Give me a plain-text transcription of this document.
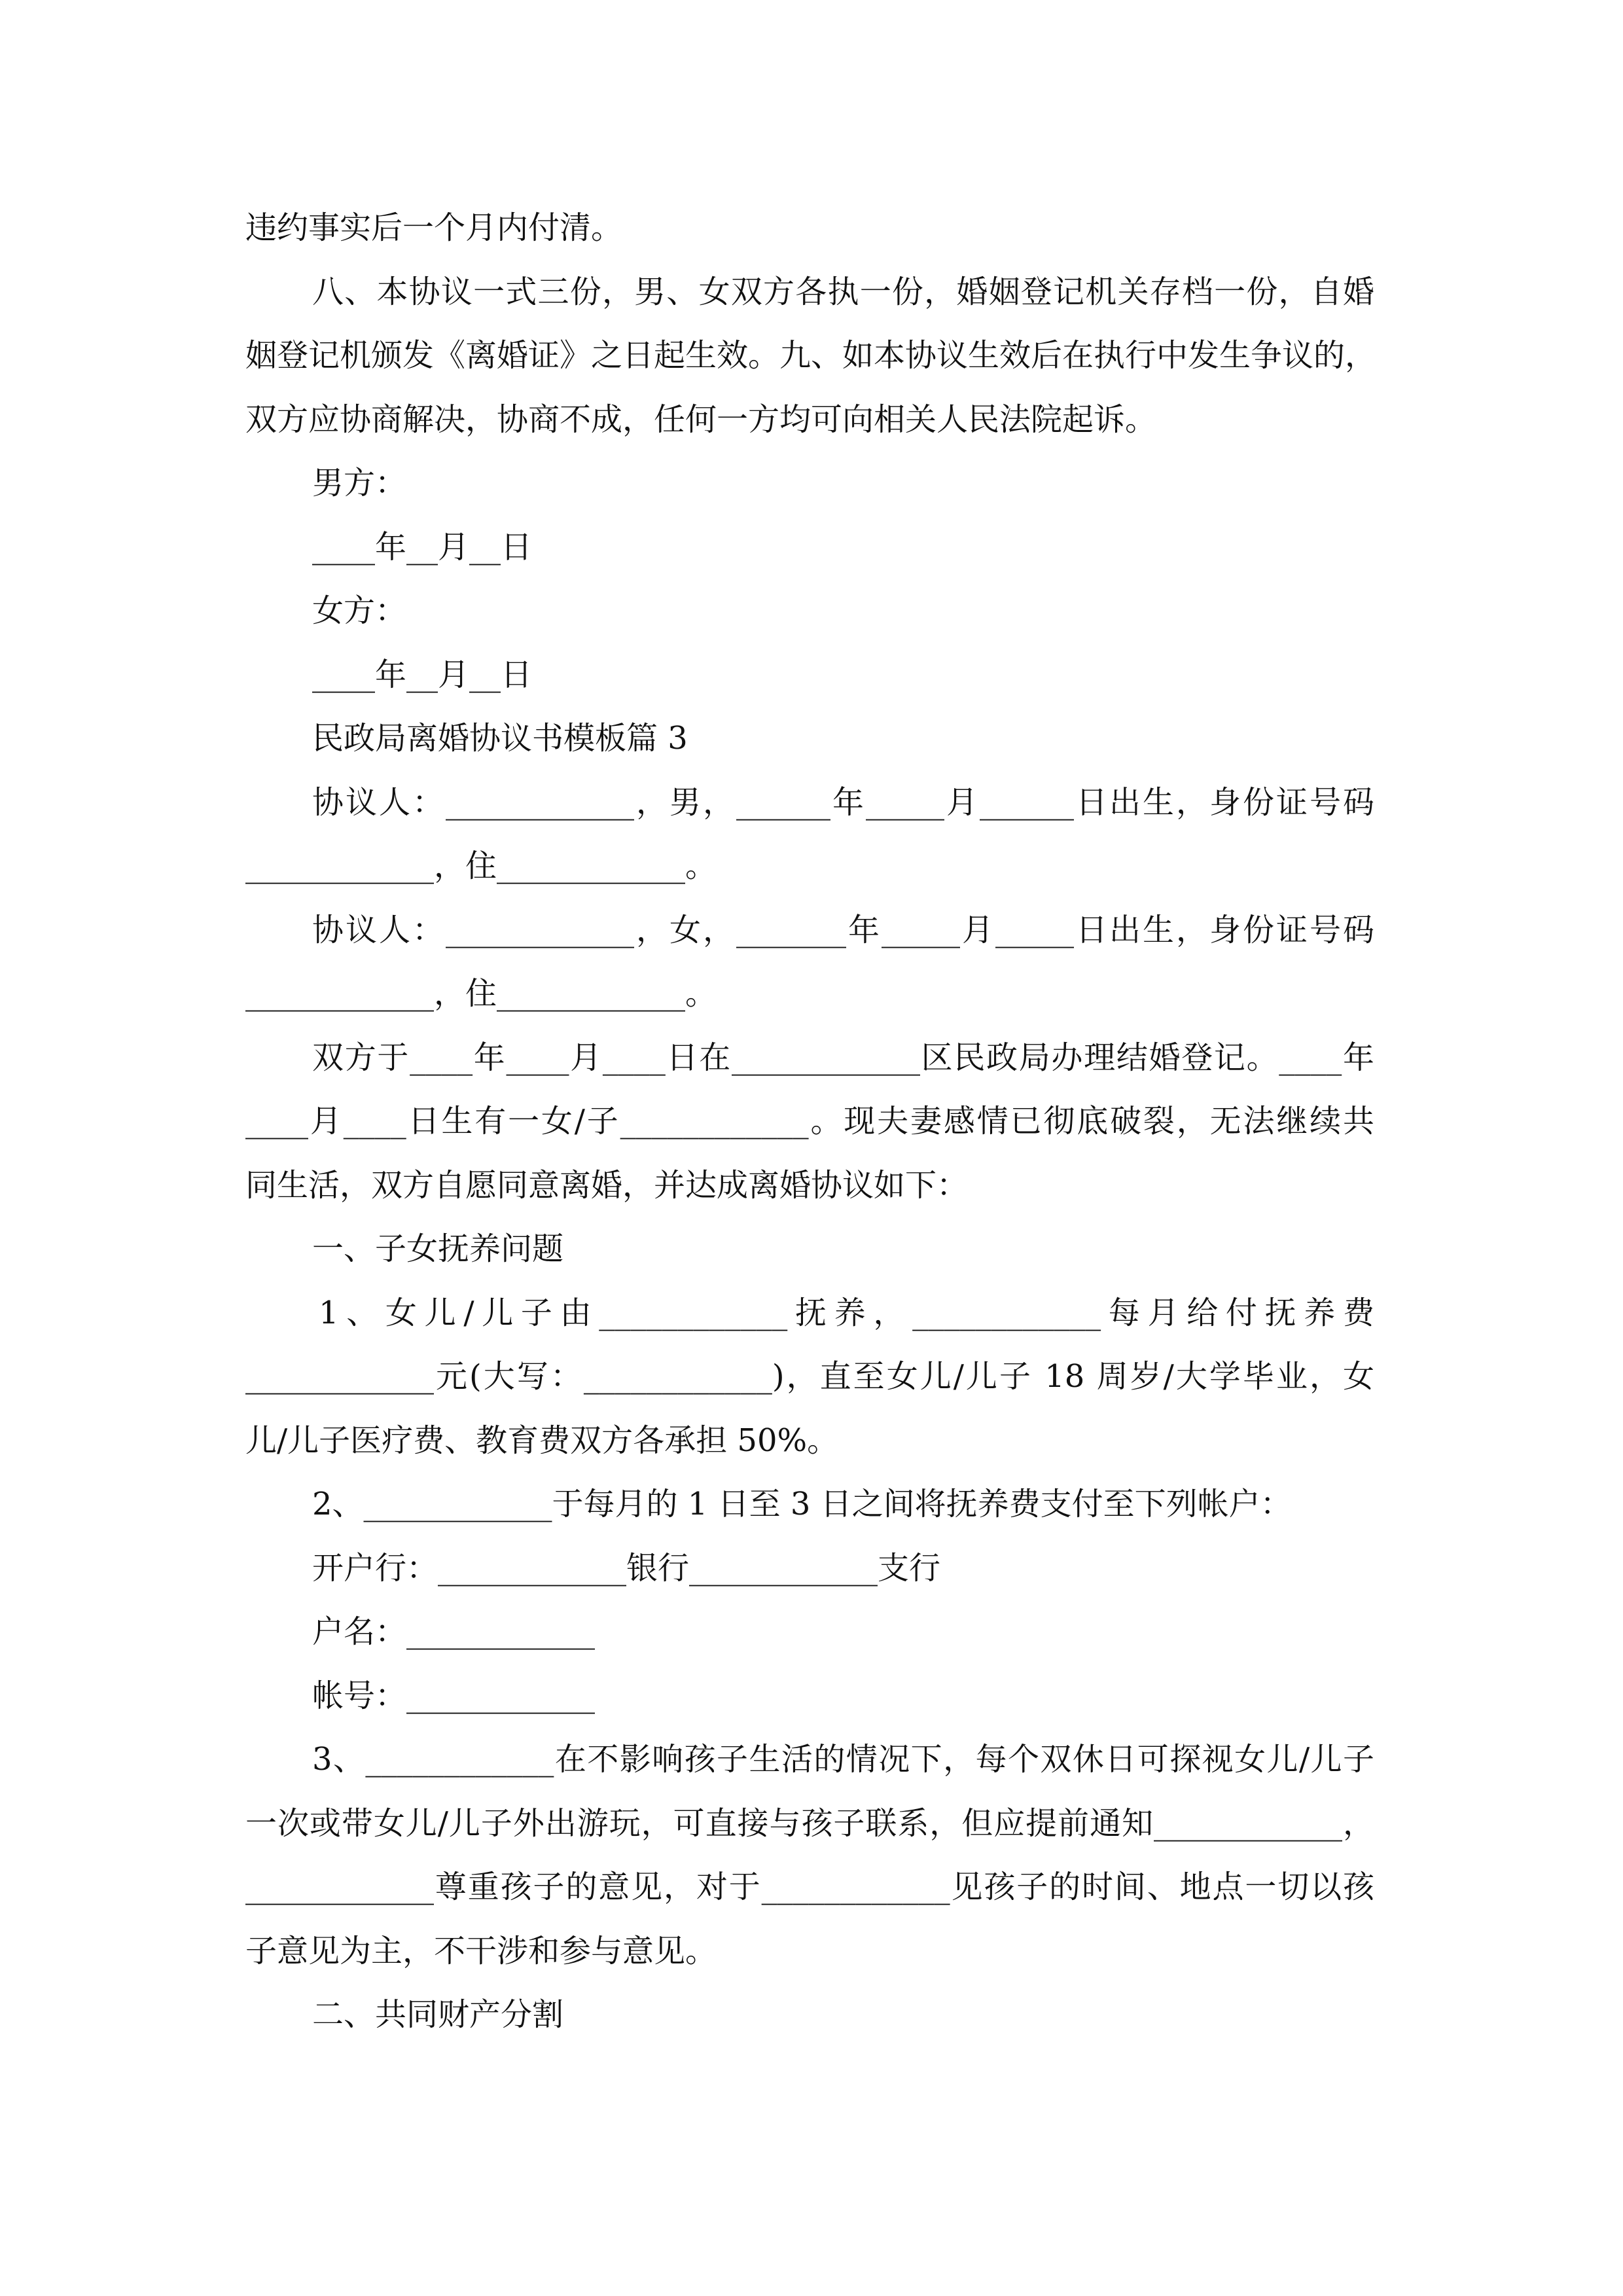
违约事实后一个月内付清。
八、本协议一式三份，男、女双方各执一份，婚姻登记机关存档一份，自婚
姻登记机颁发《离婚证》之日起生效。九、如本协议生效后在执行中发生争议的，
双方应协商解决，协商不成，任何一方均可向相关人民法院起诉。
男方：
____年__月__日
女方：
____年__月__日
民政局离婚协议书模板篇 3
协议人：____________，男，______年_____月______日出生，身份证号码
____________，住____________。
协议人：____________，女，_______年_____月_____日出生，身份证号码
____________，住____________。
双方于____年____月____日在____________区民政局办理结婚登记。____年
____月____日生有一女/子____________。现夫妻感情已彻底破裂，无法继续共
同生活，双方自愿同意离婚，并达成离婚协议如下：
一、子女抚养问题
1、女儿/儿子由____________抚养，____________每月给付抚养费
____________元(大写：____________)，直至女儿/儿子 18 周岁/大学毕业，女
儿/儿子医疗费、教育费双方各承担 50%。
2、____________于每月的 1 日至 3 日之间将抚养费支付至下列帐户：
开户行：____________银行____________支行
户名：____________
帐号：____________
3、____________在不影响孩子生活的情况下，每个双休日可探视女儿/儿子
一次或带女儿/儿子外出游玩，可直接与孩子联系，但应提前通知____________，
____________尊重孩子的意见，对于____________见孩子的时间、地点一切以孩
子意见为主，不干涉和参与意见。
二、共同财产分割
